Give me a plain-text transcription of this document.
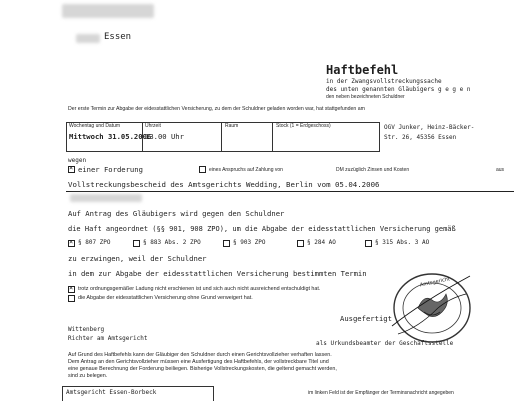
Essen
Haftbefehl
in der Zwangsvollstreckungssache
des unten genannten Gläubigers g e g e n
den neben bezeichneten Schuldner
Der erste Termin zur Abgabe der eidesstattlichen Versicherung, zu dem der Schuldner geladen worden war, hat stattgefunden am
Wochentag und Datum
Mittwoch 31.05.2006
Uhrzeit
13.00 Uhr
Raum	Stock (1 = Erdgeschoss)	OGV Junker, Heinz-Bäcker-
Str. 26, 45356 Essen
wegen
×
einer Forderung	eines Anspruchs auf Zahlung von	DM zuzüglich Zinsen und Kosten	aus
Vollstreckungsbescheid des Amtsgerichts Wedding, Berlin vom 05.04.2006
Auf Antrag des Gläubigers wird gegen den Schuldner
die Haft angeordnet (§§ 901, 908 ZPO), um die Abgabe der eidesstattlichen Versicherung gemäß
×
§ 807 ZPO	§ 883 Abs. 2 ZPO	§ 903 ZPO	§ 284 AO	§ 315 Abs. 3 AO
zu erzwingen, weil der Schuldner
in dem zur Abgabe der eidesstattlichen Versicherung bestimmten Termin
×
trotz ordnungsgemäßer Ladung nicht erschienen ist und sich auch nicht ausreichend entschuldigt hat.
die Abgabe der eidesstattlichen Versicherung ohne Grund verweigert hat.
Wittenberg
Richter am Amtsgericht
Ausgefertigt
als Urkundsbeamter der Geschäftsstelle
Amtsgericht
Auf Grund des Haftbefehls kann der Gläubiger den Schuldner durch einen Gerichtsvollzieher verhaften lassen.
Dem Antrag an den Gerichtsvollzieher müssen eine Ausfertigung des Haftbefehls, der vollstreckbare Titel und
eine genaue Berechnung der Forderung beiliegen. Bisherige Vollstreckungskosten, die geltend gemacht werden,
sind zu belegen.
Amtsgericht Essen-Borbeck	im linken Feld ist der Empfänger der Terminsnachricht angegeben
